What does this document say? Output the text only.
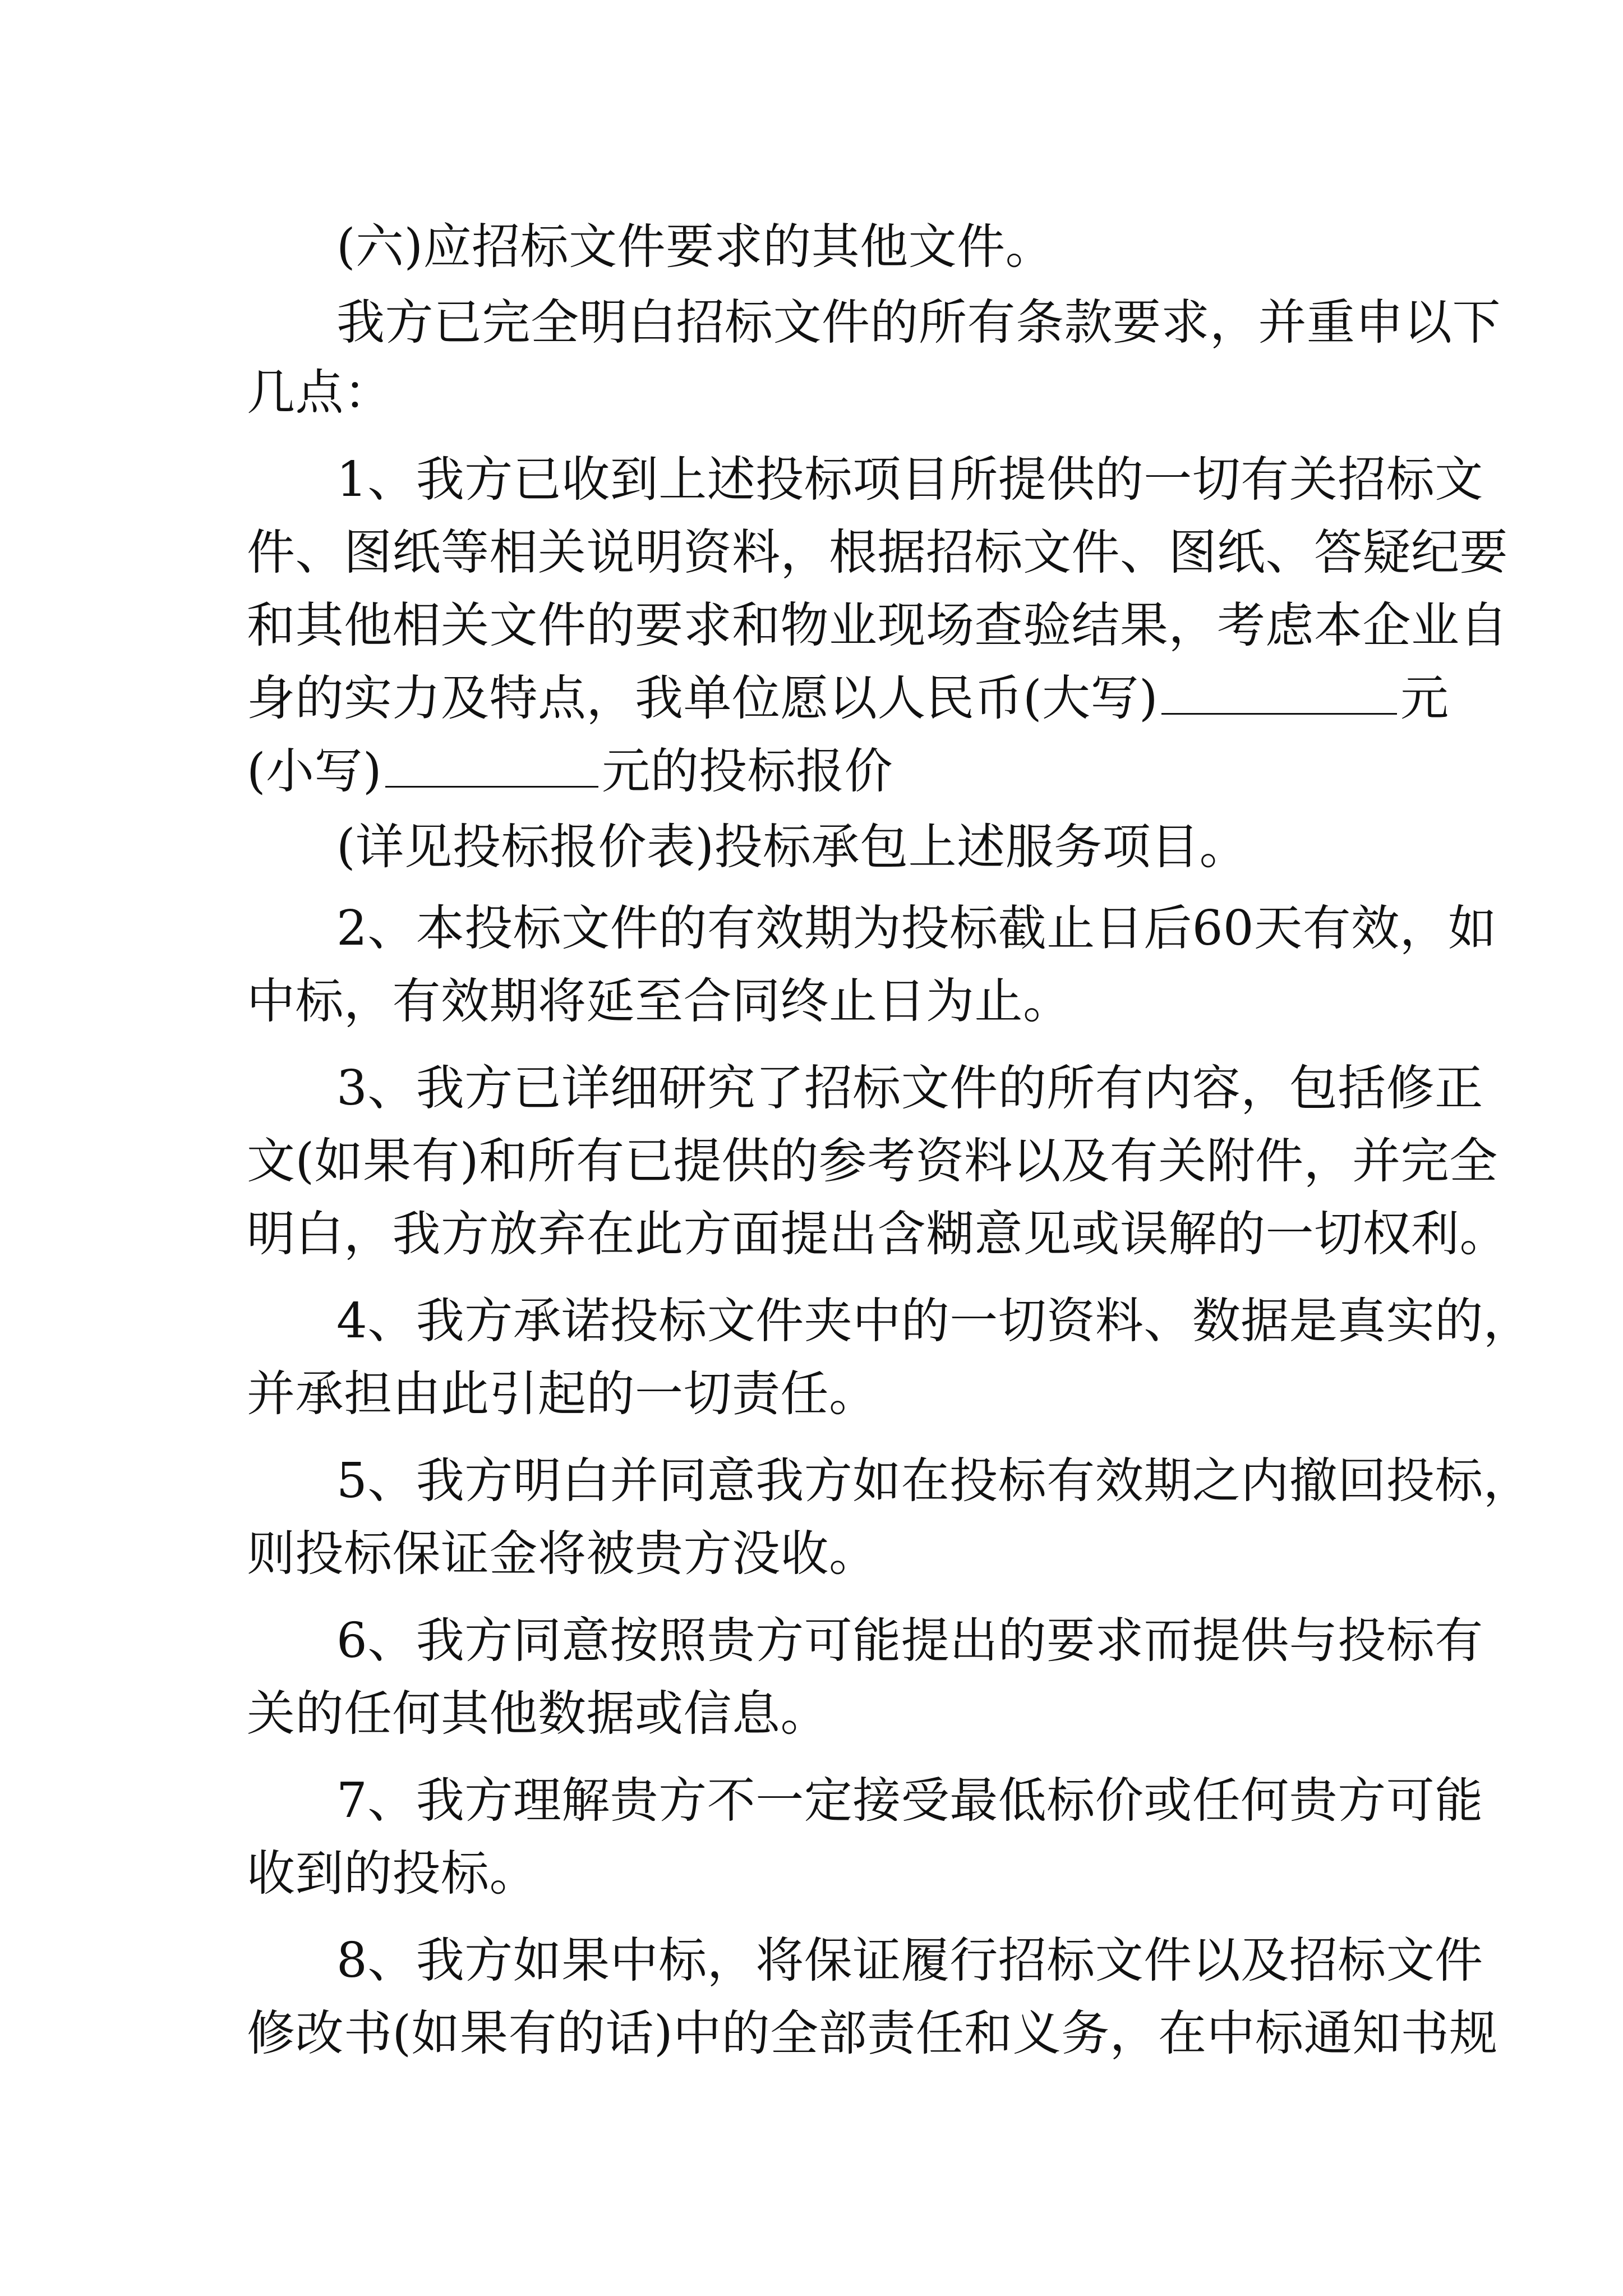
(六)应招标文件要求的其他文件。
我方已完全明白招标文件的所有条款要求，并重申以下
几点：
1、我方已收到上述投标项目所提供的一切有关招标文
件、图纸等相关说明资料，根据招标文件、图纸、答疑纪要
和其他相关文件的要求和物业现场查验结果，考虑本企业自
身的实力及特点，我单位愿以人民币(大写)	元
(小写)	元的投标报价
(详见投标报价表)投标承包上述服务项目。
2、本投标文件的有效期为投标截止日后60天有效，如
中标，有效期将延至合同终止日为止。
3、我方已详细研究了招标文件的所有内容，包括修正
文(如果有)和所有已提供的参考资料以及有关附件，并完全
明白，我方放弃在此方面提出含糊意见或误解的一切权利。
4、我方承诺投标文件夹中的一切资料、数据是真实的，
并承担由此引起的一切责任。
5、我方明白并同意我方如在投标有效期之内撤回投标，
则投标保证金将被贵方没收。
6、我方同意按照贵方可能提出的要求而提供与投标有
关的任何其他数据或信息。
7、我方理解贵方不一定接受最低标价或任何贵方可能
收到的投标。
8、我方如果中标，将保证履行招标文件以及招标文件
修改书(如果有的话)中的全部责任和义务，在中标通知书规
